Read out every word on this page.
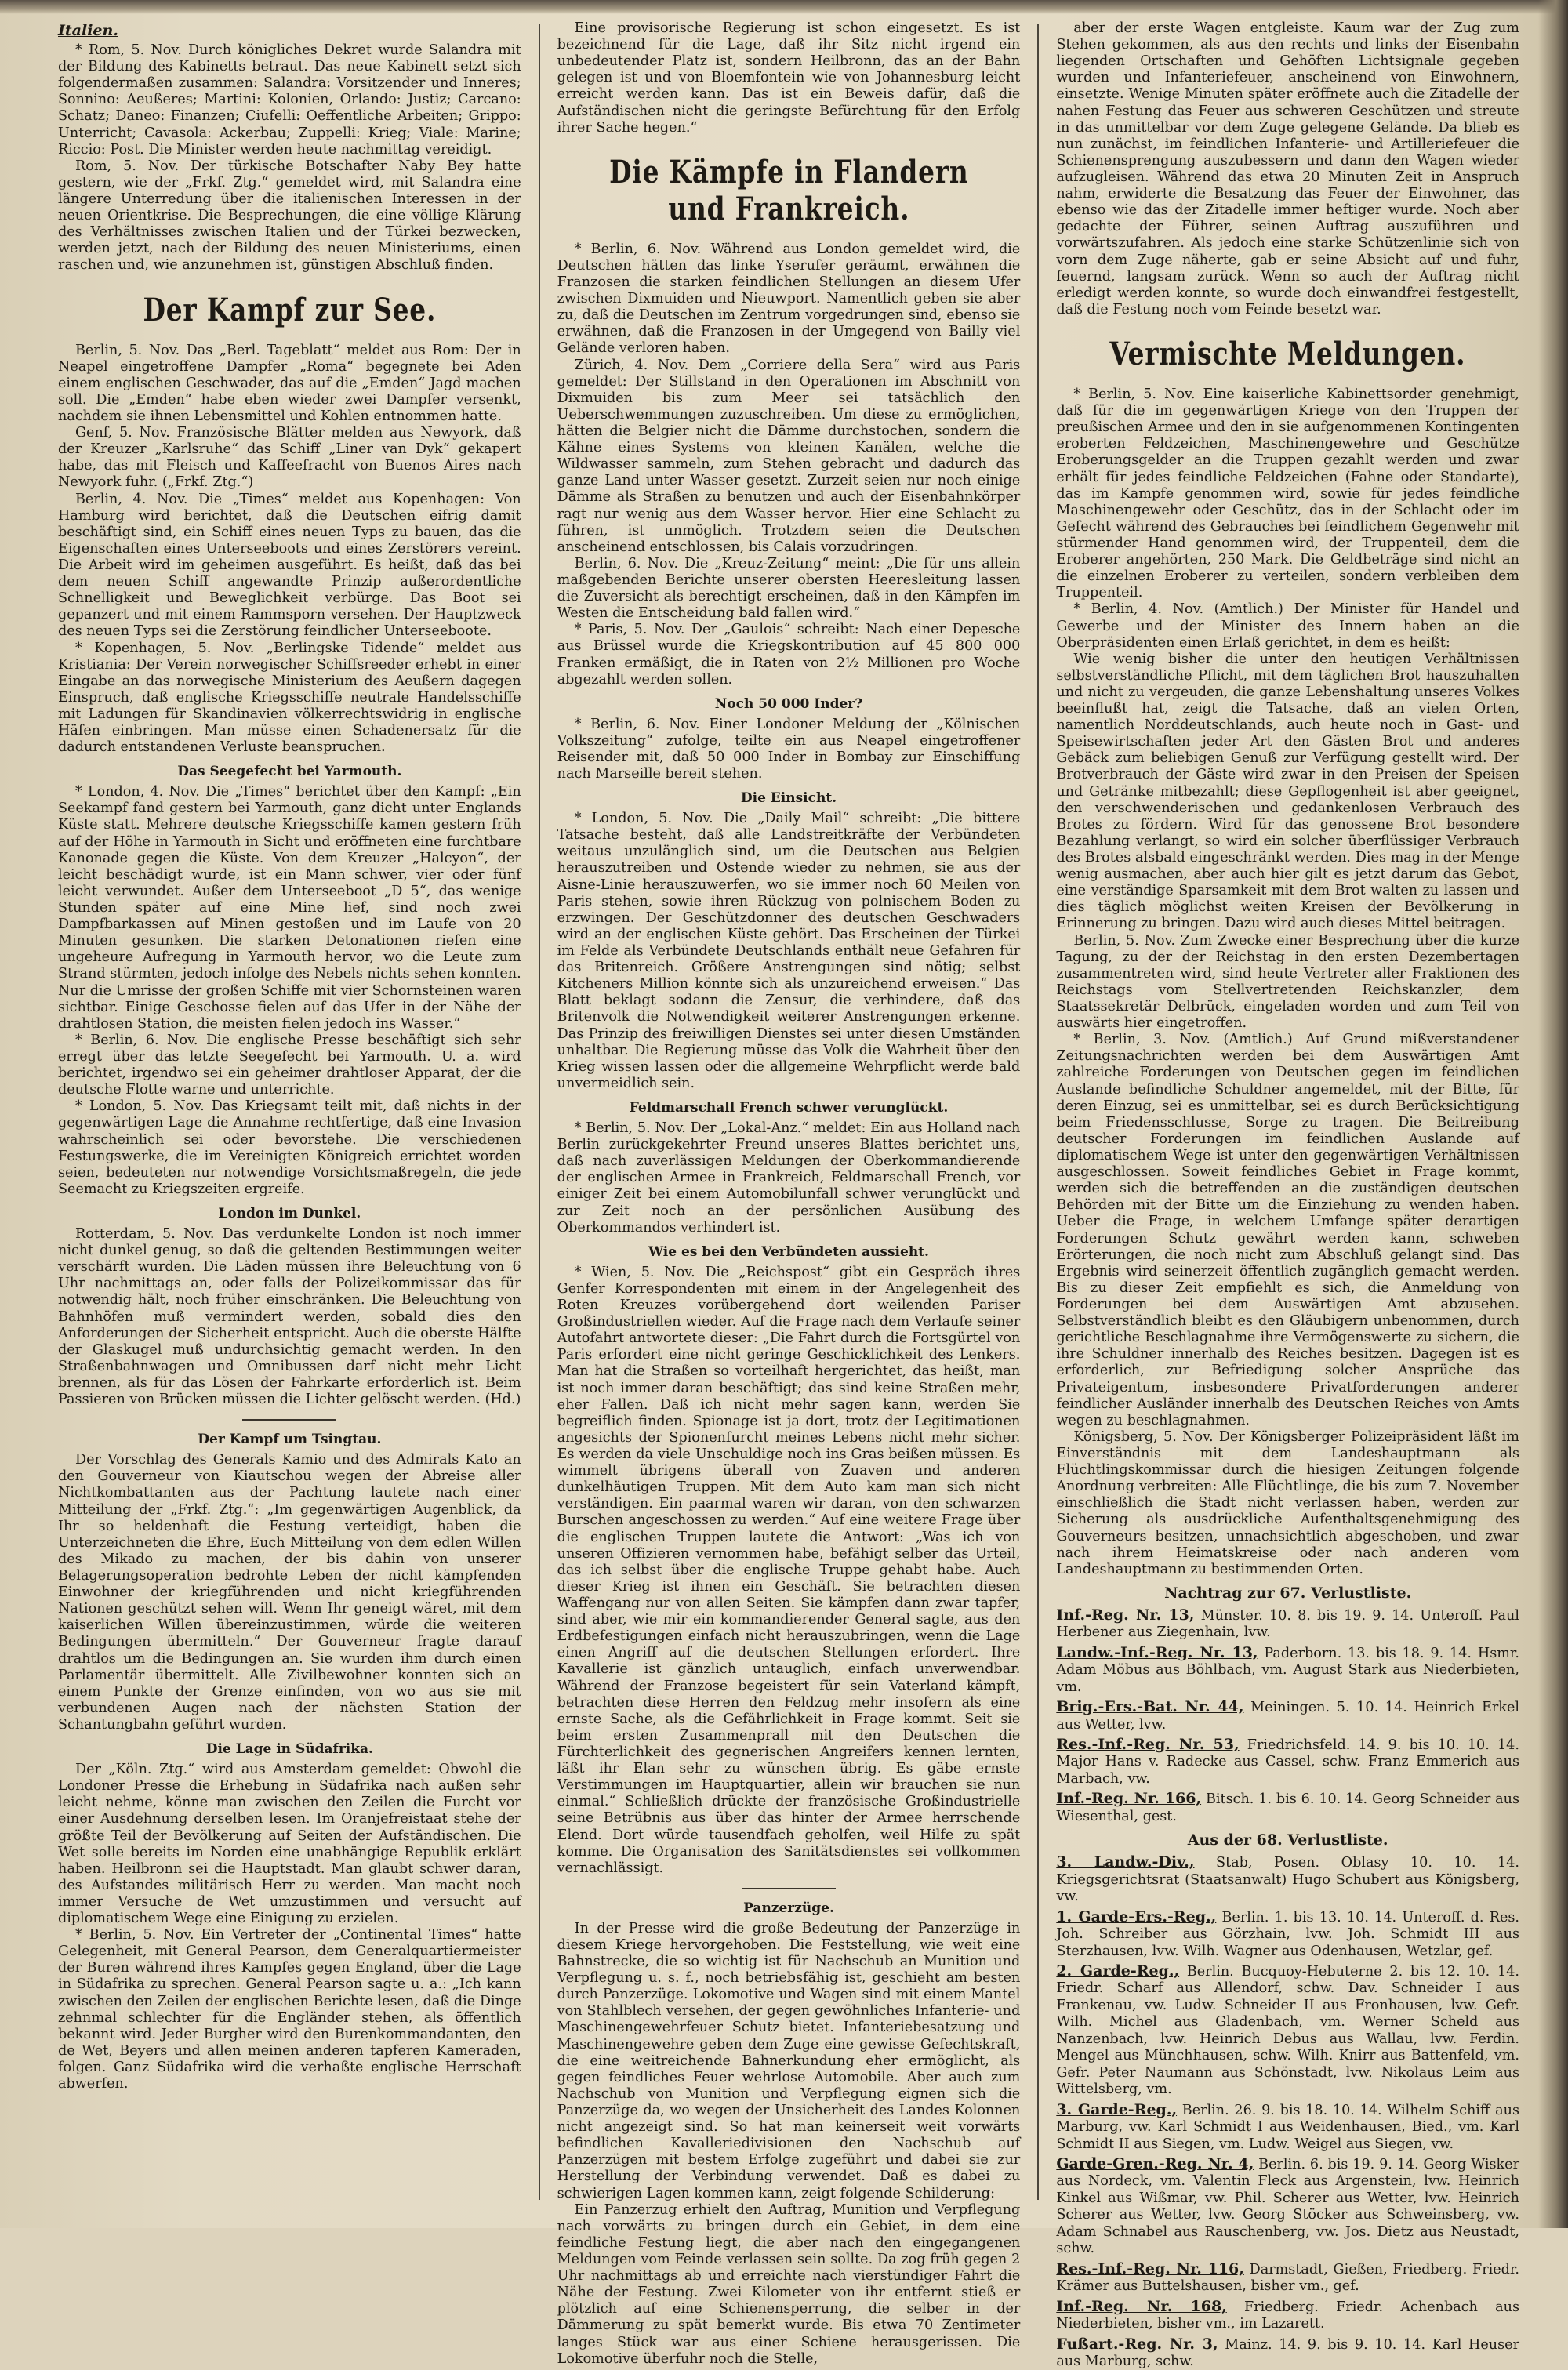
Italien.

* Rom, 5. Nov. Durch königliches Dekret wurde Salandra mit der Bildung des Kabinetts betraut. Das neue Kabinett setzt sich folgendermaßen zusammen: Salandra: Vorsitzender und Inneres; Sonnino: Aeußeres; Martini: Kolonien, Orlando: Justiz; Carcano: Schatz; Daneo: Finanzen; Ciufelli: Oeffentliche Arbeiten; Grippo: Unterricht; Cavasola: Ackerbau; Zuppelli: Krieg; Viale: Marine; Riccio: Post. Die Minister werden heute nachmittag vereidigt.

Rom, 5. Nov. Der türkische Botschafter Naby Bey hatte gestern, wie der „Frkf. Ztg.“ gemeldet wird, mit Salandra eine längere Unterredung über die italienischen Interessen in der neuen Orientkrise. Die Besprechungen, die eine völlige Klärung des Verhältnisses zwischen Italien und der Türkei bezwecken, werden jetzt, nach der Bildung des neuen Ministeriums, einen raschen und, wie anzunehmen ist, günstigen Abschluß finden.

Der Kampf zur See.

Berlin, 5. Nov. Das „Berl. Tageblatt“ meldet aus Rom: Der in Neapel eingetroffene Dampfer „Roma“ begegnete bei Aden einem englischen Geschwader, das auf die „Emden“ Jagd machen soll. Die „Emden“ habe eben wieder zwei Dampfer versenkt, nachdem sie ihnen Lebensmittel und Kohlen entnommen hatte.

Genf, 5. Nov. Französische Blätter melden aus Newyork, daß der Kreuzer „Karlsruhe“ das Schiff „Liner van Dyk“ gekapert habe, das mit Fleisch und Kaffeefracht von Buenos Aires nach Newyork fuhr. („Frkf. Ztg.“)

Berlin, 4. Nov. Die „Times“ meldet aus Kopenhagen: Von Hamburg wird berichtet, daß die Deutschen eifrig damit beschäftigt sind, ein Schiff eines neuen Typs zu bauen, das die Eigenschaften eines Unterseeboots und eines Zerstörers vereint. Die Arbeit wird im geheimen ausgeführt. Es heißt, daß das bei dem neuen Schiff angewandte Prinzip außerordentliche Schnelligkeit und Beweglichkeit verbürge. Das Boot sei gepanzert und mit einem Rammsporn versehen. Der Hauptzweck des neuen Typs sei die Zerstörung feindlicher Unterseeboote.

* Kopenhagen, 5. Nov. „Berlingske Tidende“ meldet aus Kristiania: Der Verein norwegischer Schiffsreeder erhebt in einer Eingabe an das norwegische Ministerium des Aeußern dagegen Einspruch, daß englische Kriegsschiffe neutrale Handelsschiffe mit Ladungen für Skandinavien völkerrechtswidrig in englische Häfen einbringen. Man müsse einen Schadenersatz für die dadurch entstandenen Verluste beanspruchen.

Das Seegefecht bei Yarmouth.

* London, 4. Nov. Die „Times“ berichtet über den Kampf: „Ein Seekampf fand gestern bei Yarmouth, ganz dicht unter Englands Küste statt. Mehrere deutsche Kriegsschiffe kamen gestern früh auf der Höhe in Yarmouth in Sicht und eröffneten eine furchtbare Kanonade gegen die Küste. Von dem Kreuzer „Halcyon“, der leicht beschädigt wurde, ist ein Mann schwer, vier oder fünf leicht verwundet. Außer dem Unterseeboot „D 5“, das wenige Stunden später auf eine Mine lief, sind noch zwei Dampfbarkassen auf Minen gestoßen und im Laufe von 20 Minuten gesunken. Die starken Detonationen riefen eine ungeheure Aufregung in Yarmouth hervor, wo die Leute zum Strand stürmten, jedoch infolge des Nebels nichts sehen konnten. Nur die Umrisse der großen Schiffe mit vier Schornsteinen waren sichtbar. Einige Geschosse fielen auf das Ufer in der Nähe der drahtlosen Station, die meisten fielen jedoch ins Wasser.“

* Berlin, 6. Nov. Die englische Presse beschäftigt sich sehr erregt über das letzte Seegefecht bei Yarmouth. U. a. wird berichtet, irgendwo sei ein geheimer drahtloser Apparat, der die deutsche Flotte warne und unterrichte.

* London, 5. Nov. Das Kriegsamt teilt mit, daß nichts in der gegenwärtigen Lage die Annahme rechtfertige, daß eine Invasion wahrscheinlich sei oder bevorstehe. Die verschiedenen Festungswerke, die im Vereinigten Königreich errichtet worden seien, bedeuteten nur notwendige Vorsichtsmaßregeln, die jede Seemacht zu Kriegszeiten ergreife.

London im Dunkel.

Rotterdam, 5. Nov. Das verdunkelte London ist noch immer nicht dunkel genug, so daß die geltenden Bestimmungen weiter verschärft wurden. Die Läden müssen ihre Beleuchtung von 6 Uhr nachmittags an, oder falls der Polizeikommissar das für notwendig hält, noch früher einschränken. Die Beleuchtung von Bahnhöfen muß vermindert werden, sobald dies den Anforderungen der Sicherheit entspricht. Auch die oberste Hälfte der Glaskugel muß undurchsichtig gemacht werden. In den Straßenbahnwagen und Omnibussen darf nicht mehr Licht brennen, als für das Lösen der Fahrkarte erforderlich ist. Beim Passieren von Brücken müssen die Lichter gelöscht werden. (Hd.)

Der Kampf um Tsingtau.

Der Vorschlag des Generals Kamio und des Admirals Kato an den Gouverneur von Kiautschou wegen der Abreise aller Nichtkombattanten aus der Pachtung lautete nach einer Mitteilung der „Frkf. Ztg.“: „Im gegenwärtigen Augenblick, da Ihr so heldenhaft die Festung verteidigt, haben die Unterzeichneten die Ehre, Euch Mitteilung von dem edlen Willen des Mikado zu machen, der bis dahin von unserer Belagerungsoperation bedrohte Leben der nicht kämpfenden Einwohner der kriegführenden und nicht kriegführenden Nationen geschützt sehen will. Wenn Ihr geneigt wäret, mit dem kaiserlichen Willen übereinzustimmen, würde die weiteren Bedingungen übermitteln.“ Der Gouverneur fragte darauf drahtlos um die Bedingungen an. Sie wurden ihm durch einen Parlamentär übermittelt. Alle Zivilbewohner konnten sich an einem Punkte der Grenze einfinden, von wo aus sie mit verbundenen Augen nach der nächsten Station der Schantungbahn geführt wurden.

Die Lage in Südafrika.

Der „Köln. Ztg.“ wird aus Amsterdam gemeldet: Obwohl die Londoner Presse die Erhebung in Südafrika nach außen sehr leicht nehme, könne man zwischen den Zeilen die Furcht vor einer Ausdehnung derselben lesen. Im Oranjefreistaat stehe der größte Teil der Bevölkerung auf Seiten der Aufständischen. Die Wet solle bereits im Norden eine unabhängige Republik erklärt haben. Heilbronn sei die Hauptstadt. Man glaubt schwer daran, des Aufstandes militärisch Herr zu werden. Man macht noch immer Versuche de Wet umzustimmen und versucht auf diplomatischem Wege eine Einigung zu erzielen.

* Berlin, 5. Nov. Ein Vertreter der „Continental Times“ hatte Gelegenheit, mit General Pearson, dem Generalquartiermeister der Buren während ihres Kampfes gegen England, über die Lage in Südafrika zu sprechen. General Pearson sagte u. a.: „Ich kann zwischen den Zeilen der englischen Berichte lesen, daß die Dinge zehnmal schlechter für die Engländer stehen, als öffentlich bekannt wird. Jeder Burgher wird den Burenkommandanten, den de Wet, Beyers und allen meinen anderen tapferen Kameraden, folgen. Ganz Südafrika wird die verhaßte englische Herrschaft abwerfen.

Eine provisorische Regierung ist schon eingesetzt. Es ist bezeichnend für die Lage, daß ihr Sitz nicht irgend ein unbedeutender Platz ist, sondern Heilbronn, das an der Bahn gelegen ist und von Bloemfontein wie von Johannesburg leicht erreicht werden kann. Das ist ein Beweis dafür, daß die Aufständischen nicht die geringste Befürchtung für den Erfolg ihrer Sache hegen.“

Die Kämpfe in Flandern und Frankreich.

* Berlin, 6. Nov. Während aus London gemeldet wird, die Deutschen hätten das linke Yserufer geräumt, erwähnen die Franzosen die starken feindlichen Stellungen an diesem Ufer zwischen Dixmuiden und Nieuwport. Namentlich geben sie aber zu, daß die Deutschen im Zentrum vorgedrungen sind, ebenso sie erwähnen, daß die Franzosen in der Umgegend von Bailly viel Gelände verloren haben.

Zürich, 4. Nov. Dem „Corriere della Sera“ wird aus Paris gemeldet: Der Stillstand in den Operationen im Abschnitt von Dixmuiden bis zum Meer sei tatsächlich den Ueberschwemmungen zuzuschreiben. Um diese zu ermöglichen, hätten die Belgier nicht die Dämme durchstochen, sondern die Kähne eines Systems von kleinen Kanälen, welche die Wildwasser sammeln, zum Stehen gebracht und dadurch das ganze Land unter Wasser gesetzt. Zurzeit seien nur noch einige Dämme als Straßen zu benutzen und auch der Eisenbahnkörper ragt nur wenig aus dem Wasser hervor. Hier eine Schlacht zu führen, ist unmöglich. Trotzdem seien die Deutschen anscheinend entschlossen, bis Calais vorzudringen.

Berlin, 6. Nov. Die „Kreuz-Zeitung“ meint: „Die für uns allein maßgebenden Berichte unserer obersten Heeresleitung lassen die Zuversicht als berechtigt erscheinen, daß in den Kämpfen im Westen die Entscheidung bald fallen wird.“

* Paris, 5. Nov. Der „Gaulois“ schreibt: Nach einer Depesche aus Brüssel wurde die Kriegskontribution auf 45 800 000 Franken ermäßigt, die in Raten von 2½ Millionen pro Woche abgezahlt werden sollen.

Noch 50 000 Inder?

* Berlin, 6. Nov. Einer Londoner Meldung der „Kölnischen Volkszeitung“ zufolge, teilte ein aus Neapel eingetroffener Reisender mit, daß 50 000 Inder in Bombay zur Einschiffung nach Marseille bereit stehen.

Die Einsicht.

* London, 5. Nov. Die „Daily Mail“ schreibt: „Die bittere Tatsache besteht, daß alle Landstreitkräfte der Verbündeten weitaus unzulänglich sind, um die Deutschen aus Belgien herauszutreiben und Ostende wieder zu nehmen, sie aus der Aisne-Linie herauszuwerfen, wo sie immer noch 60 Meilen von Paris stehen, sowie ihren Rückzug von polnischem Boden zu erzwingen. Der Geschützdonner des deutschen Geschwaders wird an der englischen Küste gehört. Das Erscheinen der Türkei im Felde als Verbündete Deutschlands enthält neue Gefahren für das Britenreich. Größere Anstrengungen sind nötig; selbst Kitcheners Million könnte sich als unzureichend erweisen.“ Das Blatt beklagt sodann die Zensur, die verhindere, daß das Britenvolk die Notwendigkeit weiterer Anstrengungen erkenne. Das Prinzip des freiwilligen Dienstes sei unter diesen Umständen unhaltbar. Die Regierung müsse das Volk die Wahrheit über den Krieg wissen lassen oder die allgemeine Wehrpflicht werde bald unvermeidlich sein.

Feldmarschall French schwer verunglückt.

* Berlin, 5. Nov. Der „Lokal-Anz.“ meldet: Ein aus Holland nach Berlin zurückgekehrter Freund unseres Blattes berichtet uns, daß nach zuverlässigen Meldungen der Oberkommandierende der englischen Armee in Frankreich, Feldmarschall French, vor einiger Zeit bei einem Automobilunfall schwer verunglückt und zur Zeit noch an der persönlichen Ausübung des Oberkommandos verhindert ist.

Wie es bei den Verbündeten aussieht.

* Wien, 5. Nov. Die „Reichspost“ gibt ein Gespräch ihres Genfer Korrespondenten mit einem in der Angelegenheit des Roten Kreuzes vorübergehend dort weilenden Pariser Großindustriellen wieder. Auf die Frage nach dem Verlaufe seiner Autofahrt antwortete dieser: „Die Fahrt durch die Fortsgürtel von Paris erfordert eine nicht geringe Geschicklichkeit des Lenkers. Man hat die Straßen so vorteilhaft hergerichtet, das heißt, man ist noch immer daran beschäftigt; das sind keine Straßen mehr, eher Fallen. Daß ich nicht mehr sagen kann, werden Sie begreiflich finden. Spionage ist ja dort, trotz der Legitimationen angesichts der Spionenfurcht meines Lebens nicht mehr sicher. Es werden da viele Unschuldige noch ins Gras beißen müssen. Es wimmelt übrigens überall von Zuaven und anderen dunkelhäutigen Truppen. Mit dem Auto kam man sich nicht verständigen. Ein paarmal waren wir daran, von den schwarzen Burschen angeschossen zu werden.“ Auf eine weitere Frage über die englischen Truppen lautete die Antwort: „Was ich von unseren Offizieren vernommen habe, befähigt selber das Urteil, das ich selbst über die englische Truppe gehabt habe. Auch dieser Krieg ist ihnen ein Geschäft. Sie betrachten diesen Waffengang nur von allen Seiten. Sie kämpfen dann zwar tapfer, sind aber, wie mir ein kommandierender General sagte, aus den Erdbefestigungen einfach nicht herauszubringen, wenn die Lage einen Angriff auf die deutschen Stellungen erfordert. Ihre Kavallerie ist gänzlich untauglich, einfach unverwendbar. Während der Franzose begeistert für sein Vaterland kämpft, betrachten diese Herren den Feldzug mehr insofern als eine ernste Sache, als die Gefährlichkeit in Frage kommt. Seit sie beim ersten Zusammenprall mit den Deutschen die Fürchterlichkeit des gegnerischen Angreifers kennen lernten, läßt ihr Elan sehr zu wünschen übrig. Es gäbe ernste Verstimmungen im Hauptquartier, allein wir brauchen sie nun einmal.“ Schließlich drückte der französische Großindustrielle seine Betrübnis aus über das hinter der Armee herrschende Elend. Dort würde tausendfach geholfen, weil Hilfe zu spät komme. Die Organisation des Sanitätsdienstes sei vollkommen vernachlässigt.

Panzerzüge.

In der Presse wird die große Bedeutung der Panzerzüge in diesem Kriege hervorgehoben. Die Feststellung, wie weit eine Bahnstrecke, die so wichtig ist für Nachschub an Munition und Verpflegung u. s. f., noch betriebsfähig ist, geschieht am besten durch Panzerzüge. Lokomotive und Wagen sind mit einem Mantel von Stahlblech versehen, der gegen gewöhnliches Infanterie- und Maschinengewehrfeuer Schutz bietet. Infanteriebesatzung und Maschinengewehre geben dem Zuge eine gewisse Gefechtskraft, die eine weitreichende Bahnerkundung eher ermöglicht, als gegen feindliches Feuer wehrlose Automobile. Aber auch zum Nachschub von Munition und Verpflegung eignen sich die Panzerzüge da, wo wegen der Unsicherheit des Landes Kolonnen nicht angezeigt sind. So hat man keinerseit weit vorwärts befindlichen Kavalleriedivisionen den Nachschub auf Panzerzügen mit bestem Erfolge zugeführt und dabei sie zur Herstellung der Verbindung verwendet. Daß es dabei zu schwierigen Lagen kommen kann, zeigt folgende Schilderung:

Ein Panzerzug erhielt den Auftrag, Munition und Verpflegung nach vorwärts zu bringen durch ein Gebiet, in dem eine feindliche Festung liegt, die aber nach den eingegangenen Meldungen vom Feinde verlassen sein sollte. Da zog früh gegen 2 Uhr nachmittags ab und erreichte nach vierstündiger Fahrt die Nähe der Festung. Zwei Kilometer von ihr entfernt stieß er plötzlich auf eine Schienensperrung, die selber in der Dämmerung zu spät bemerkt wurde. Bis etwa 70 Zentimeter langes Stück war aus einer Schiene herausgerissen. Die Lokomotive überfuhr noch die Stelle,

aber der erste Wagen entgleiste. Kaum war der Zug zum Stehen gekommen, als aus den rechts und links der Eisenbahn liegenden Ortschaften und Gehöften Lichtsignale gegeben wurden und Infanteriefeuer, anscheinend von Einwohnern, einsetzte. Wenige Minuten später eröffnete auch die Zitadelle der nahen Festung das Feuer aus schweren Geschützen und streute in das unmittelbar vor dem Zuge gelegene Gelände. Da blieb es nun zunächst, im feindlichen Infanterie- und Artilleriefeuer die Schienensprengung auszubessern und dann den Wagen wieder aufzugleisen. Während das etwa 20 Minuten Zeit in Anspruch nahm, erwiderte die Besatzung das Feuer der Einwohner, das ebenso wie das der Zitadelle immer heftiger wurde. Noch aber gedachte der Führer, seinen Auftrag auszuführen und vorwärtszufahren. Als jedoch eine starke Schützenlinie sich von vorn dem Zuge näherte, gab er seine Absicht auf und fuhr, feuernd, langsam zurück. Wenn so auch der Auftrag nicht erledigt werden konnte, so wurde doch einwandfrei festgestellt, daß die Festung noch vom Feinde besetzt war.

Vermischte Meldungen.

* Berlin, 5. Nov. Eine kaiserliche Kabinettsorder genehmigt, daß für die im gegenwärtigen Kriege von den Truppen der preußischen Armee und den in sie aufgenommenen Kontingenten eroberten Feldzeichen, Maschinengewehre und Geschütze Eroberungsgelder an die Truppen gezahlt werden und zwar erhält für jedes feindliche Feldzeichen (Fahne oder Standarte), das im Kampfe genommen wird, sowie für jedes feindliche Maschinengewehr oder Geschütz, das in der Schlacht oder im Gefecht während des Gebrauches bei feindlichem Gegenwehr mit stürmender Hand genommen wird, der Truppenteil, dem die Eroberer angehörten, 250 Mark. Die Geldbeträge sind nicht an die einzelnen Eroberer zu verteilen, sondern verbleiben dem Truppenteil.

* Berlin, 4. Nov. (Amtlich.) Der Minister für Handel und Gewerbe und der Minister des Innern haben an die Oberpräsidenten einen Erlaß gerichtet, in dem es heißt:

Wie wenig bisher die unter den heutigen Verhältnissen selbstverständliche Pflicht, mit dem täglichen Brot hauszuhalten und nicht zu vergeuden, die ganze Lebenshaltung unseres Volkes beeinflußt hat, zeigt die Tatsache, daß an vielen Orten, namentlich Norddeutschlands, auch heute noch in Gast- und Speisewirtschaften jeder Art den Gästen Brot und anderes Gebäck zum beliebigen Genuß zur Verfügung gestellt wird. Der Brotverbrauch der Gäste wird zwar in den Preisen der Speisen und Getränke mitbezahlt; diese Gepflogenheit ist aber geeignet, den verschwenderischen und gedankenlosen Verbrauch des Brotes zu fördern. Wird für das genossene Brot besondere Bezahlung verlangt, so wird ein solcher überflüssiger Verbrauch des Brotes alsbald eingeschränkt werden. Dies mag in der Menge wenig ausmachen, aber auch hier gilt es jetzt darum das Gebot, eine verständige Sparsamkeit mit dem Brot walten zu lassen und dies täglich möglichst weiten Kreisen der Bevölkerung in Erinnerung zu bringen. Dazu wird auch dieses Mittel beitragen.

Berlin, 5. Nov. Zum Zwecke einer Besprechung über die kurze Tagung, zu der der Reichstag in den ersten Dezembertagen zusammentreten wird, sind heute Vertreter aller Fraktionen des Reichstags vom Stellvertretenden Reichskanzler, dem Staatssekretär Delbrück, eingeladen worden und zum Teil von auswärts hier eingetroffen.

* Berlin, 3. Nov. (Amtlich.) Auf Grund mißverstandener Zeitungsnachrichten werden bei dem Auswärtigen Amt zahlreiche Forderungen von Deutschen gegen im feindlichen Auslande befindliche Schuldner angemeldet, mit der Bitte, für deren Einzug, sei es unmittelbar, sei es durch Berücksichtigung beim Friedensschlusse, Sorge zu tragen. Die Beitreibung deutscher Forderungen im feindlichen Auslande auf diplomatischem Wege ist unter den gegenwärtigen Verhältnissen ausgeschlossen. Soweit feindliches Gebiet in Frage kommt, werden sich die betreffenden an die zuständigen deutschen Behörden mit der Bitte um die Einziehung zu wenden haben. Ueber die Frage, in welchem Umfange später derartigen Forderungen Schutz gewährt werden kann, schweben Erörterungen, die noch nicht zum Abschluß gelangt sind. Das Ergebnis wird seinerzeit öffentlich zugänglich gemacht werden. Bis zu dieser Zeit empfiehlt es sich, die Anmeldung von Forderungen bei dem Auswärtigen Amt abzusehen. Selbstverständlich bleibt es den Gläubigern unbenommen, durch gerichtliche Beschlagnahme ihre Vermögenswerte zu sichern, die ihre Schuldner innerhalb des Reiches besitzen. Dagegen ist es erforderlich, zur Befriedigung solcher Ansprüche das Privateigentum, insbesondere Privatforderungen anderer feindlicher Ausländer innerhalb des Deutschen Reiches von Amts wegen zu beschlagnahmen.

Königsberg, 5. Nov. Der Königsberger Polizeipräsident läßt im Einverständnis mit dem Landeshauptmann als Flüchtlingskommissar durch die hiesigen Zeitungen folgende Anordnung verbreiten: Alle Flüchtlinge, die bis zum 7. November einschließlich die Stadt nicht verlassen haben, werden zur Sicherung als ausdrückliche Aufenthaltsgenehmigung des Gouverneurs besitzen, unnachsichtlich abgeschoben, und zwar nach ihrem Heimatskreise oder nach anderen vom Landeshauptmann zu bestimmenden Orten.

Nachtrag zur 67. Verlustliste.

Inf.-Reg. Nr. 13, Münster. 10. 8. bis 19. 9. 14. Unteroff. Paul Herbener aus Ziegenhain, lvw.

Landw.-Inf.-Reg. Nr. 13, Paderborn. 13. bis 18. 9. 14. Hsmr. Adam Möbus aus Böhlbach, vm. August Stark aus Niederbieten, vm.

Brig.-Ers.-Bat. Nr. 44, Meiningen. 5. 10. 14. Heinrich Erkel aus Wetter, lvw.

Res.-Inf.-Reg. Nr. 53, Friedrichsfeld. 14. 9. bis 10. 10. 14. Major Hans v. Radecke aus Cassel, schw. Franz Emmerich aus Marbach, vw.

Inf.-Reg. Nr. 166, Bitsch. 1. bis 6. 10. 14. Georg Schneider aus Wiesenthal, gest.

Aus der 68. Verlustliste.

3. Landw.-Div., Stab, Posen. Oblasy 10. 10. 14. Kriegsgerichtsrat (Staatsanwalt) Hugo Schubert aus Königsberg, vw.

1. Garde-Ers.-Reg., Berlin. 1. bis 13. 10. 14. Unteroff. d. Res. Joh. Schreiber aus Görzhain, lvw. Joh. Schmidt III aus Sterzhausen, lvw. Wilh. Wagner aus Odenhausen, Wetzlar, gef.

2. Garde-Reg., Berlin. Bucquoy-Hebuterne 2. bis 12. 10. 14. Friedr. Scharf aus Allendorf, schw. Dav. Schneider I aus Frankenau, vw. Ludw. Schneider II aus Fronhausen, lvw. Gefr. Wilh. Michel aus Gladenbach, vm. Werner Scheld aus Nanzenbach, lvw. Heinrich Debus aus Wallau, lvw. Ferdin. Mengel aus Münchhausen, schw. Wilh. Knirr aus Battenfeld, vm. Gefr. Peter Naumann aus Schönstadt, lvw. Nikolaus Leim aus Wittelsberg, vm.

3. Garde-Reg., Berlin. 26. 9. bis 18. 10. 14. Wilhelm Schiff aus Marburg, vw. Karl Schmidt I aus Weidenhausen, Bied., vm. Karl Schmidt II aus Siegen, vm. Ludw. Weigel aus Siegen, vw.

Garde-Gren.-Reg. Nr. 4, Berlin. 6. bis 19. 9. 14. Georg Wisker aus Nordeck, vm. Valentin Fleck aus Argenstein, lvw. Heinrich Kinkel aus Wißmar, vw. Phil. Scherer aus Wetter, lvw. Heinrich Scherer aus Wetter, lvw. Georg Stöcker aus Schweinsberg, vw. Adam Schnabel aus Rauschenberg, vw. Jos. Dietz aus Neustadt, schw.

Res.-Inf.-Reg. Nr. 116, Darmstadt, Gießen, Friedberg. Friedr. Krämer aus Buttelshausen, bisher vm., gef.

Inf.-Reg. Nr. 168, Friedberg. Friedr. Achenbach aus Niederbieten, bisher vm., im Lazarett.

Fußart.-Reg. Nr. 3, Mainz. 14. 9. bis 9. 10. 14. Karl Heuser aus Marburg, schw.
